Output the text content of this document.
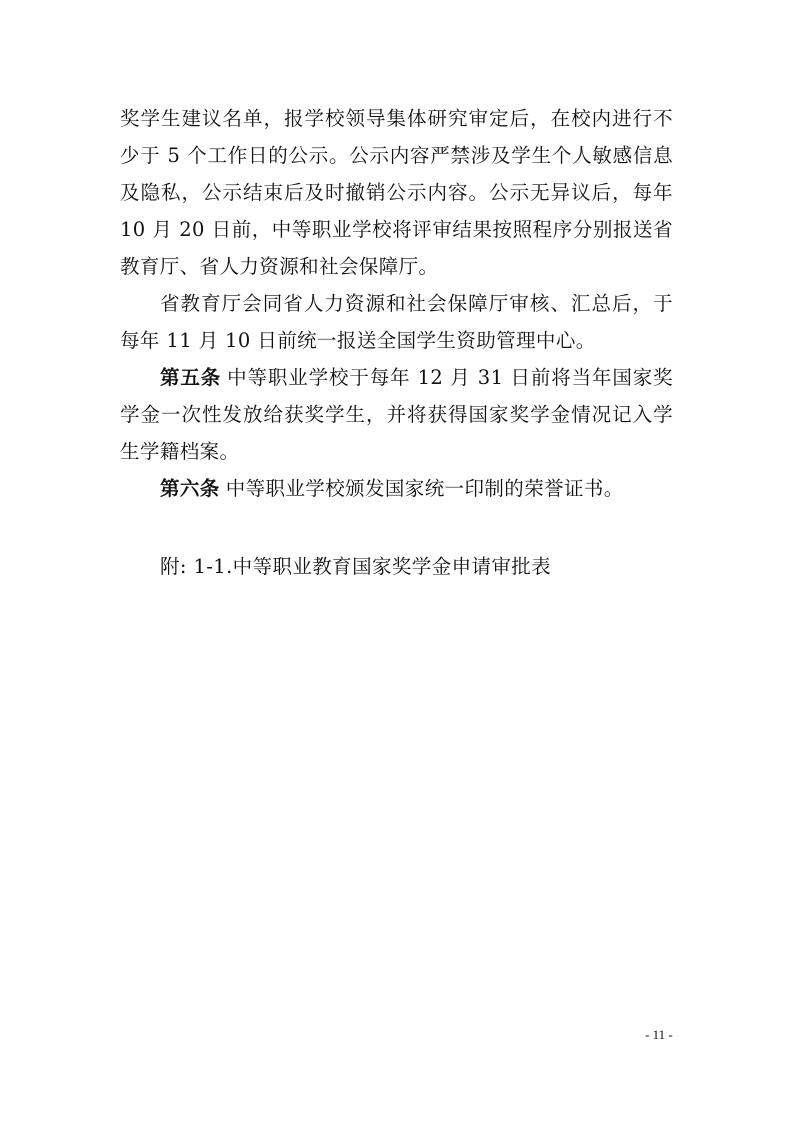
奖学生建议名单，报学校领导集体研究审定后，在校内进行不
少于 5 个工作日的公示。公示内容严禁涉及学生个人敏感信息
及隐私，公示结束后及时撤销公示内容。公示无异议后，每年
10 月 20 日前，中等职业学校将评审结果按照程序分别报送省
教育厅、省人力资源和社会保障厅。
省教育厅会同省人力资源和社会保障厅审核、汇总后，于
每年 11 月 10 日前统一报送全国学生资助管理中心。
第五条 中等职业学校于每年 12 月 31 日前将当年国家奖
学金一次性发放给获奖学生，并将获得国家奖学金情况记入学
生学籍档案。
第六条 中等职业学校颁发国家统一印制的荣誉证书。
附: 1-1.中等职业教育国家奖学金申请审批表
- 11 -
